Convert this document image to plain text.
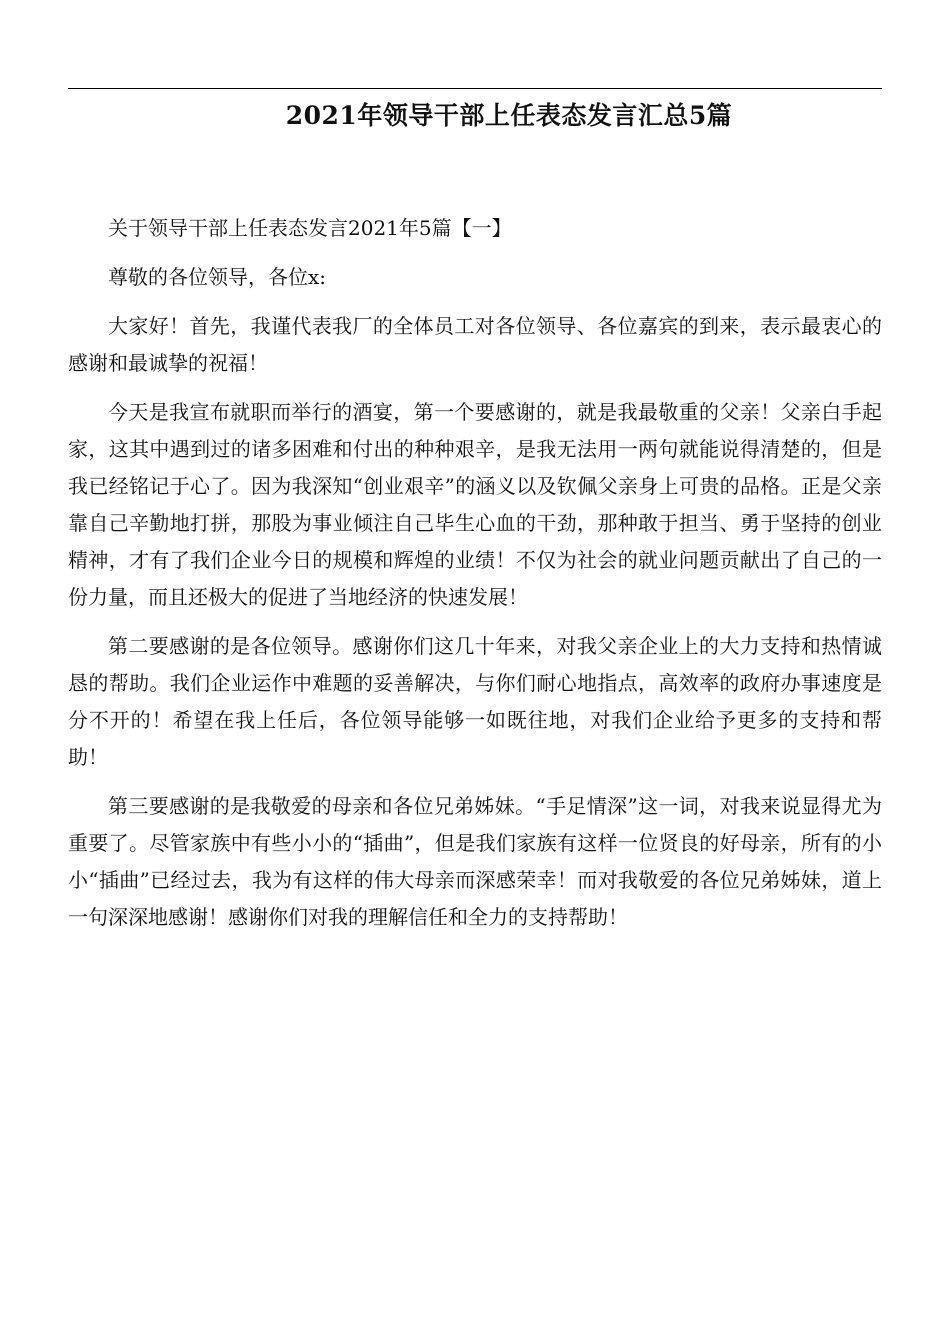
2021年领导干部上任表态发言汇总5篇

关于领导干部上任表态发言2021年5篇【一】

尊敬的各位领导，各位x:

大家好！首先，我谨代表我厂的全体员工对各位领导、各位嘉宾的到来，表示最衷心的感谢和最诚挚的祝福！

今天是我宣布就职而举行的酒宴，第一个要感谢的，就是我最敬重的父亲！父亲白手起家，这其中遇到过的诸多困难和付出的种种艰辛，是我无法用一两句就能说得清楚的，但是我已经铭记于心了。因为我深知“创业艰辛”的涵义以及钦佩父亲身上可贵的品格。正是父亲靠自己辛勤地打拼，那股为事业倾注自己毕生心血的干劲，那种敢于担当、勇于坚持的创业精神，才有了我们企业今日的规模和辉煌的业绩！不仅为社会的就业问题贡献出了自己的一份力量，而且还极大的促进了当地经济的快速发展！

第二要感谢的是各位领导。感谢你们这几十年来，对我父亲企业上的大力支持和热情诚恳的帮助。我们企业运作中难题的妥善解决，与你们耐心地指点，高效率的政府办事速度是分不开的！希望在我上任后，各位领导能够一如既往地，对我们企业给予更多的支持和帮助！

第三要感谢的是我敬爱的母亲和各位兄弟姊妹。“手足情深”这一词，对我来说显得尤为重要了。尽管家族中有些小小的“插曲”，但是我们家族有这样一位贤良的好母亲，所有的小小“插曲”已经过去，我为有这样的伟大母亲而深感荣幸！而对我敬爱的各位兄弟姊妹，道上一句深深地感谢！感谢你们对我的理解信任和全力的支持帮助！
